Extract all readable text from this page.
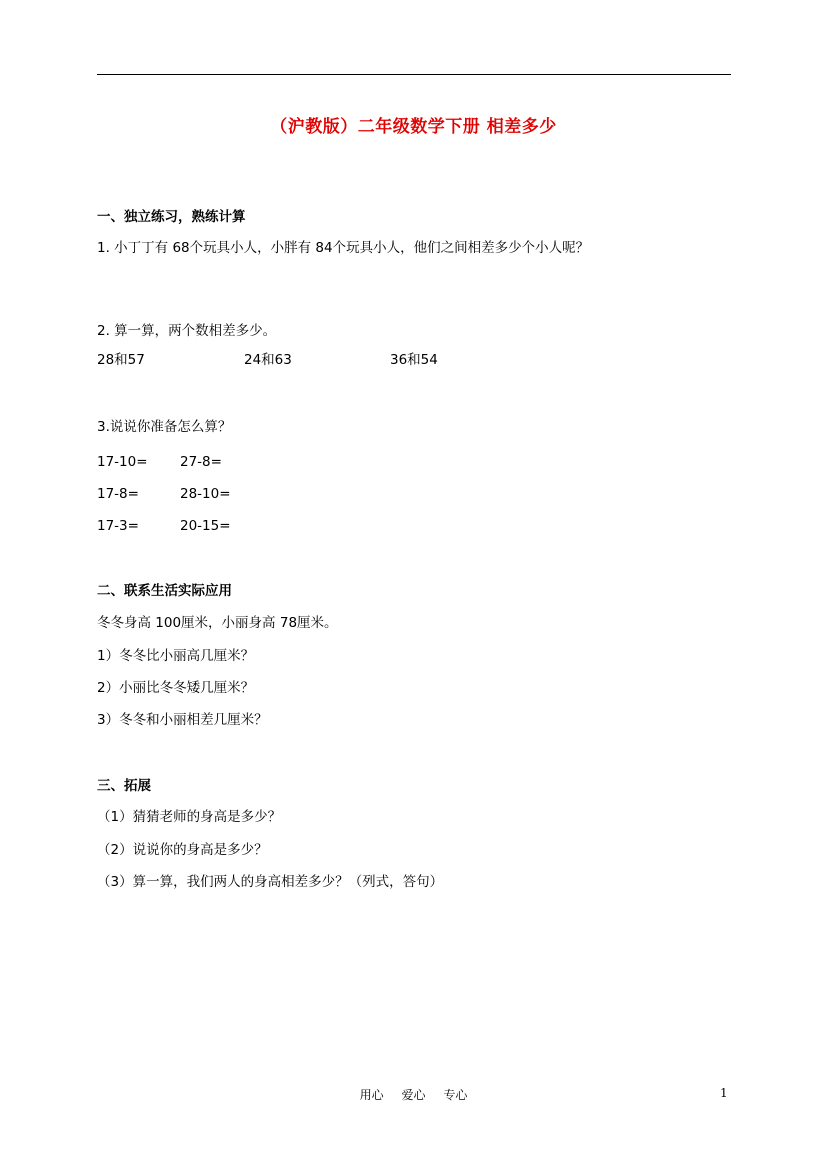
（沪教版）二年级数学下册 相差多少
一、独立练习，熟练计算
1. 小丁丁有 68个玩具小人，小胖有 84个玩具小人，他们之间相差多少个小人呢？
2. 算一算，两个数相差多少。
28和57	24和63	36和54
3.说说你准备怎么算？
17-10= 27-8=
17-8=	28-10=
17-3=	20-15=
二、联系生活实际应用
冬冬身高 100厘米，小丽身高 78厘米。
1）冬冬比小丽高几厘米？
2）小丽比冬冬矮几厘米？
3）冬冬和小丽相差几厘米？
三、拓展
（1）猜猜老师的身高是多少？
（2）说说你的身高是多少？
（3）算一算，我们两人的身高相差多少？（列式，答句）
用心 爱心 专心	1
